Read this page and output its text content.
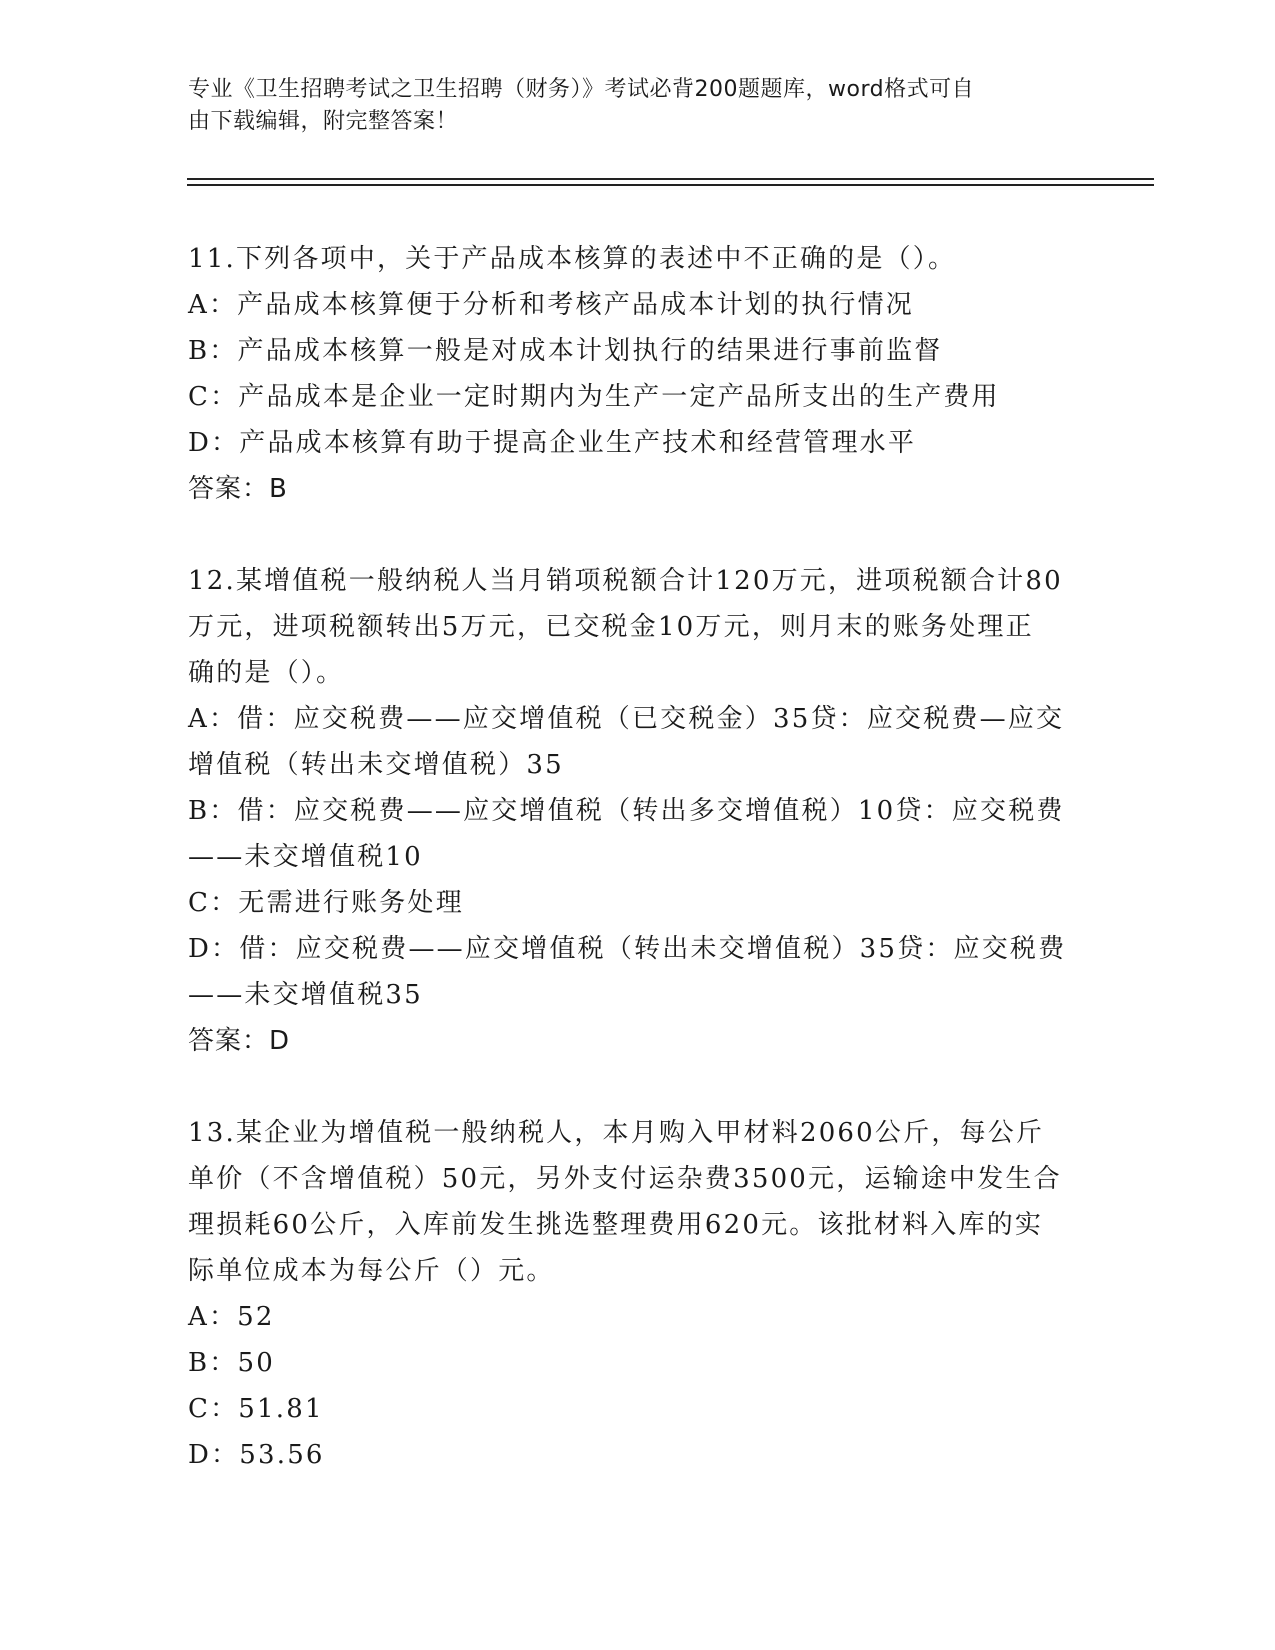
专业《卫生招聘考试之卫生招聘（财务）》考试必背200题题库，word格式可自
由下载编辑，附完整答案！

11.下列各项中，关于产品成本核算的表述中不正确的是（）。

A：产品成本核算便于分析和考核产品成本计划的执行情况

B：产品成本核算一般是对成本计划执行的结果进行事前监督

C：产品成本是企业一定时期内为生产一定产品所支出的生产费用

D：产品成本核算有助于提高企业生产技术和经营管理水平

答案：B

12.某增值税一般纳税人当月销项税额合计120万元，进项税额合计80

万元，进项税额转出5万元，已交税金10万元，则月末的账务处理正

确的是（）。

A：借：应交税费——应交增值税（已交税金）35贷：应交税费—应交

增值税（转出未交增值税）35

B：借：应交税费——应交增值税（转出多交增值税）10贷：应交税费

——未交增值税10

C：无需进行账务处理

D：借：应交税费——应交增值税（转出未交增值税）35贷：应交税费

——未交增值税35

答案：D

13.某企业为增值税一般纳税人，本月购入甲材料2060公斤，每公斤

单价（不含增值税）50元，另外支付运杂费3500元，运输途中发生合

理损耗60公斤，入库前发生挑选整理费用620元。该批材料入库的实

际单位成本为每公斤（）元。

A：52

B：50

C：51.81

D：53.56
